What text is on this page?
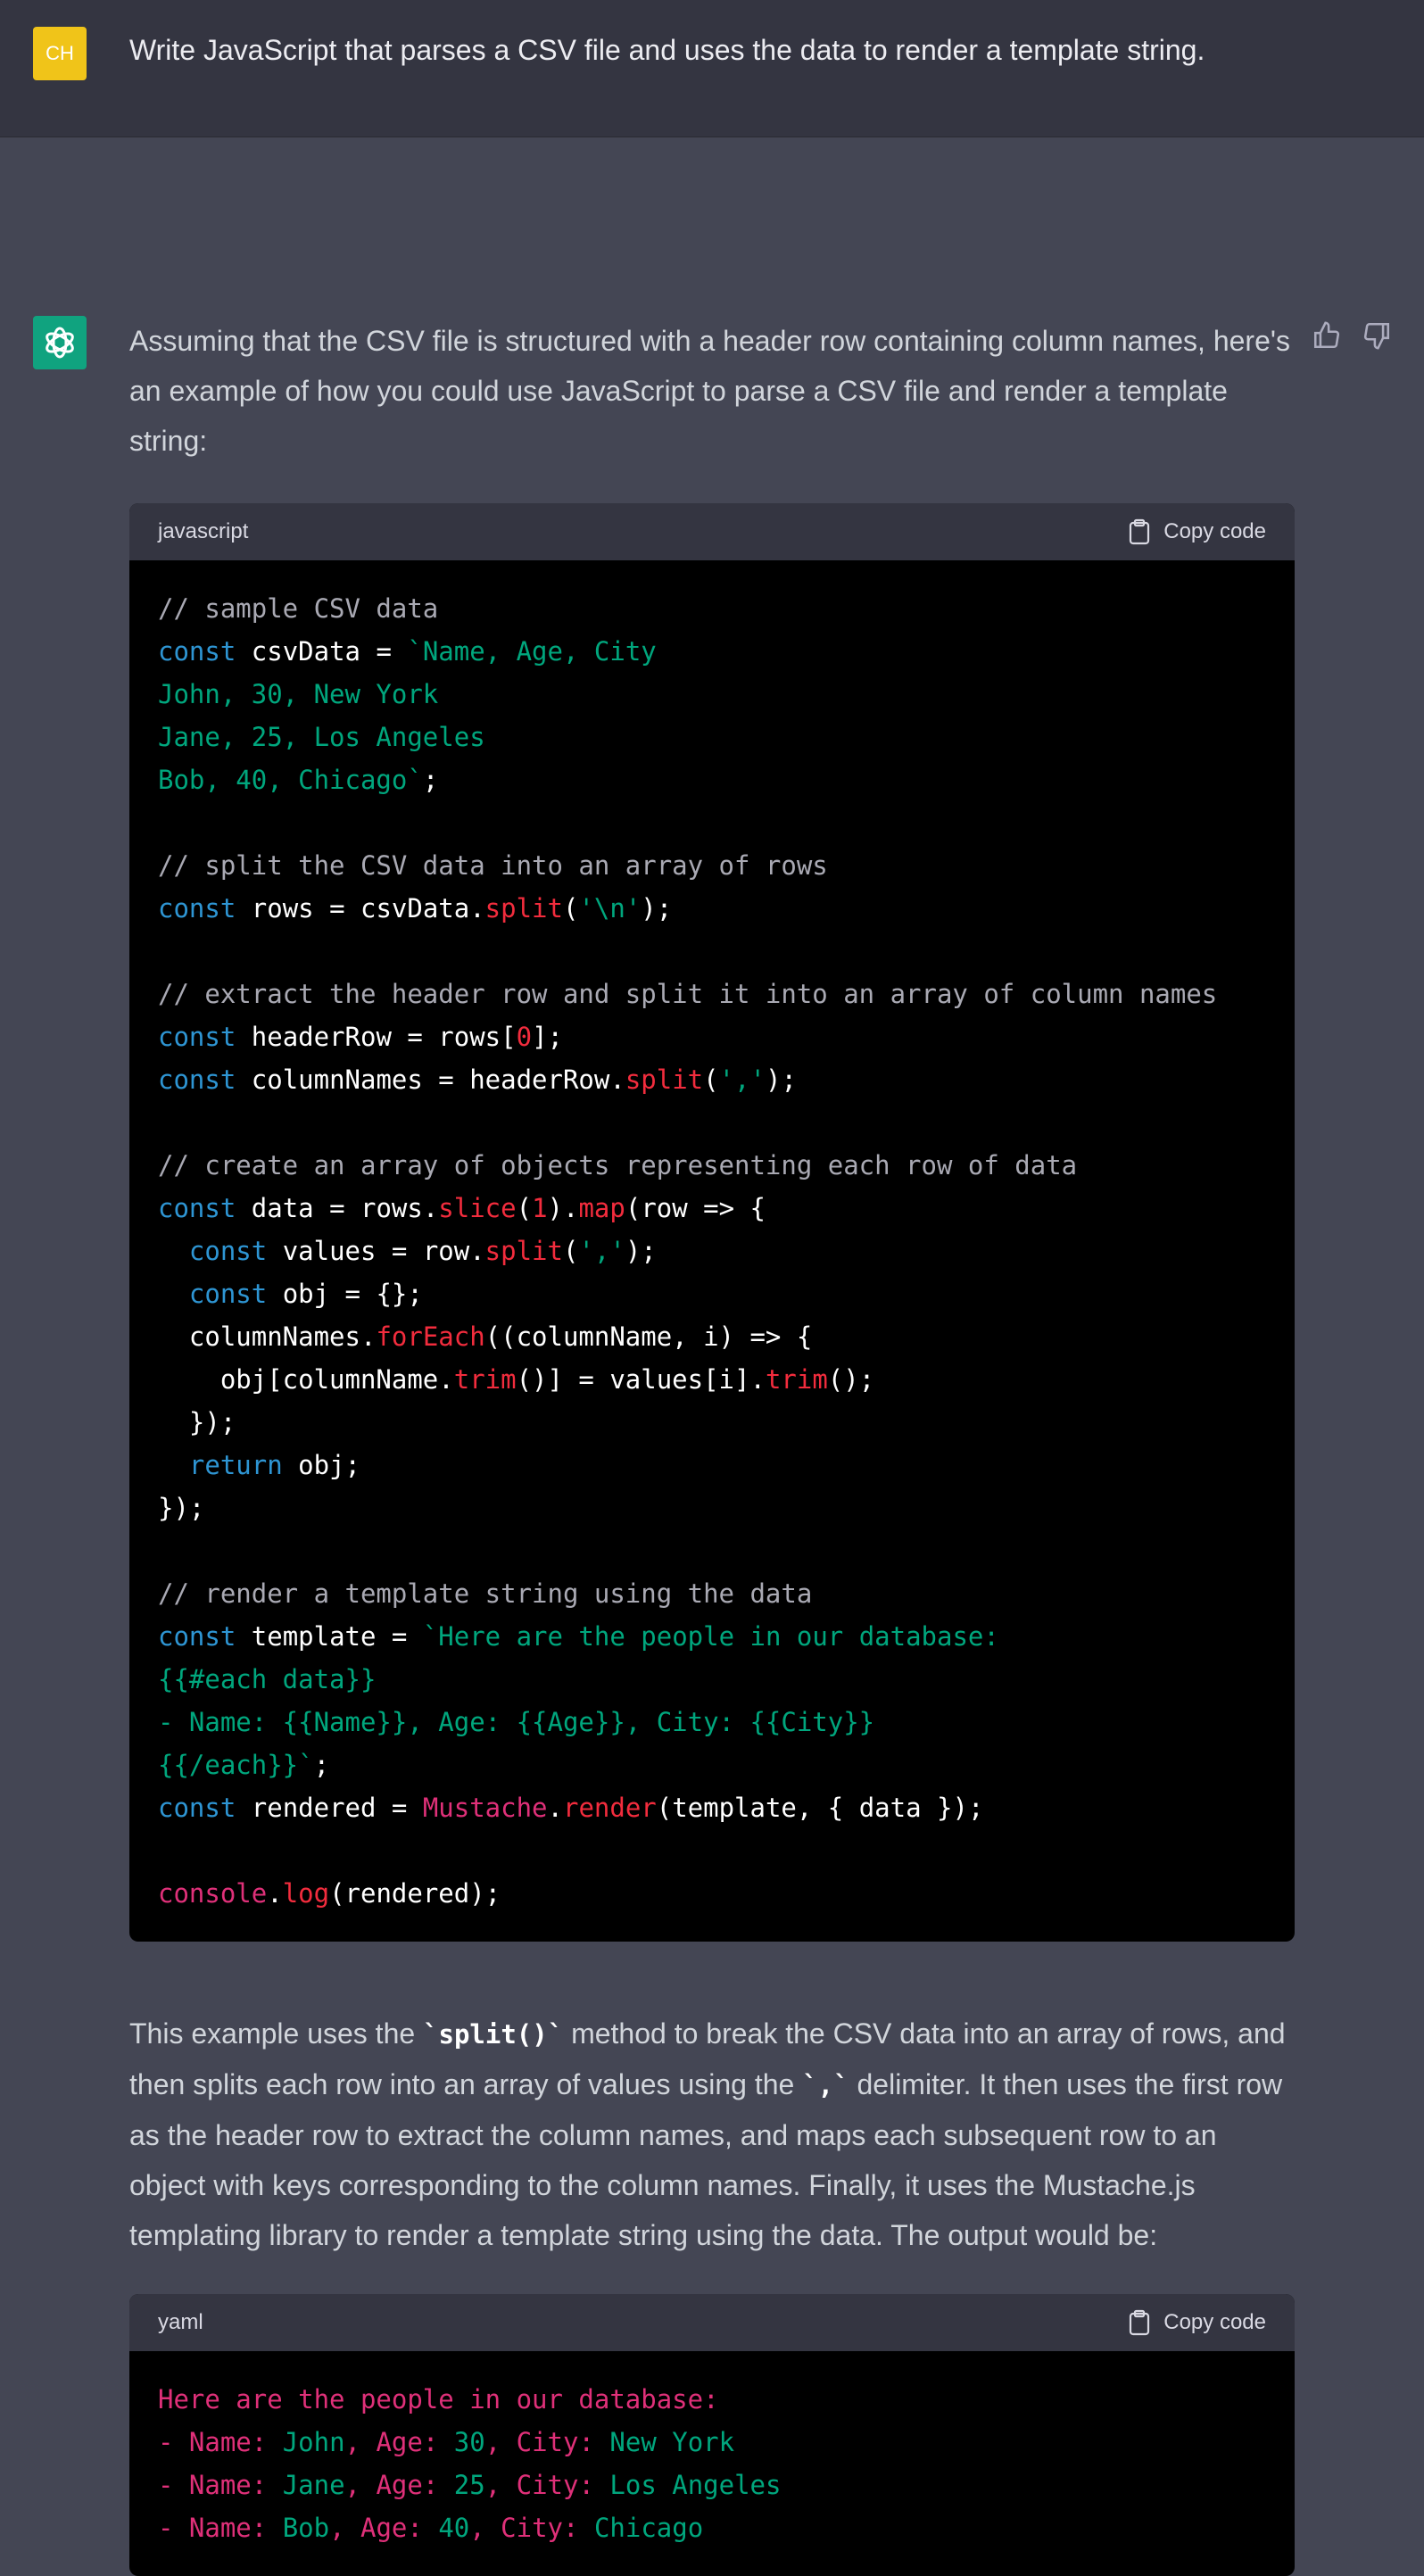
CH	Write JavaScript that parses a CSV file and uses the data to render a template string.
Assuming that the CSV file is structured with a header row containing column names, here's an example of how you could use JavaScript to parse a CSV file and render a template string:
javascript	Copy code
// sample CSV data
const csvData = `Name, Age, City
John, 30, New York
Jane, 25, Los Angeles
Bob, 40, Chicago`;

// split the CSV data into an array of rows
const rows = csvData.split('\n');

// extract the header row and split it into an array of column names
const headerRow = rows[0];
const columnNames = headerRow.split(',');

// create an array of objects representing each row of data
const data = rows.slice(1).map(row => {
const values = row.split(',');
const obj = {};
columnNames.forEach((columnName, i) => {
obj[columnName.trim()] = values[i].trim();
});
return obj;
});

// render a template string using the data
const template = `Here are the people in our database:
{{#each data}}
- Name: {{Name}}, Age: {{Age}}, City: {{City}}
{{/each}}`;
const rendered = Mustache.render(template, { data });

console.log(rendered);
This example uses the `split()` method to break the CSV data into an array of rows, and then splits each row into an array of values using the `,` delimiter. It then uses the first row as the header row to extract the column names, and maps each subsequent row to an object with keys corresponding to the column names. Finally, it uses the Mustache.js templating library to render a template string using the data. The output would be:
yaml	Copy code
Here are the people in our database:
- Name: John, Age: 30, City: New York
- Name: Jane, Age: 25, City: Los Angeles
- Name: Bob, Age: 40, City: Chicago
